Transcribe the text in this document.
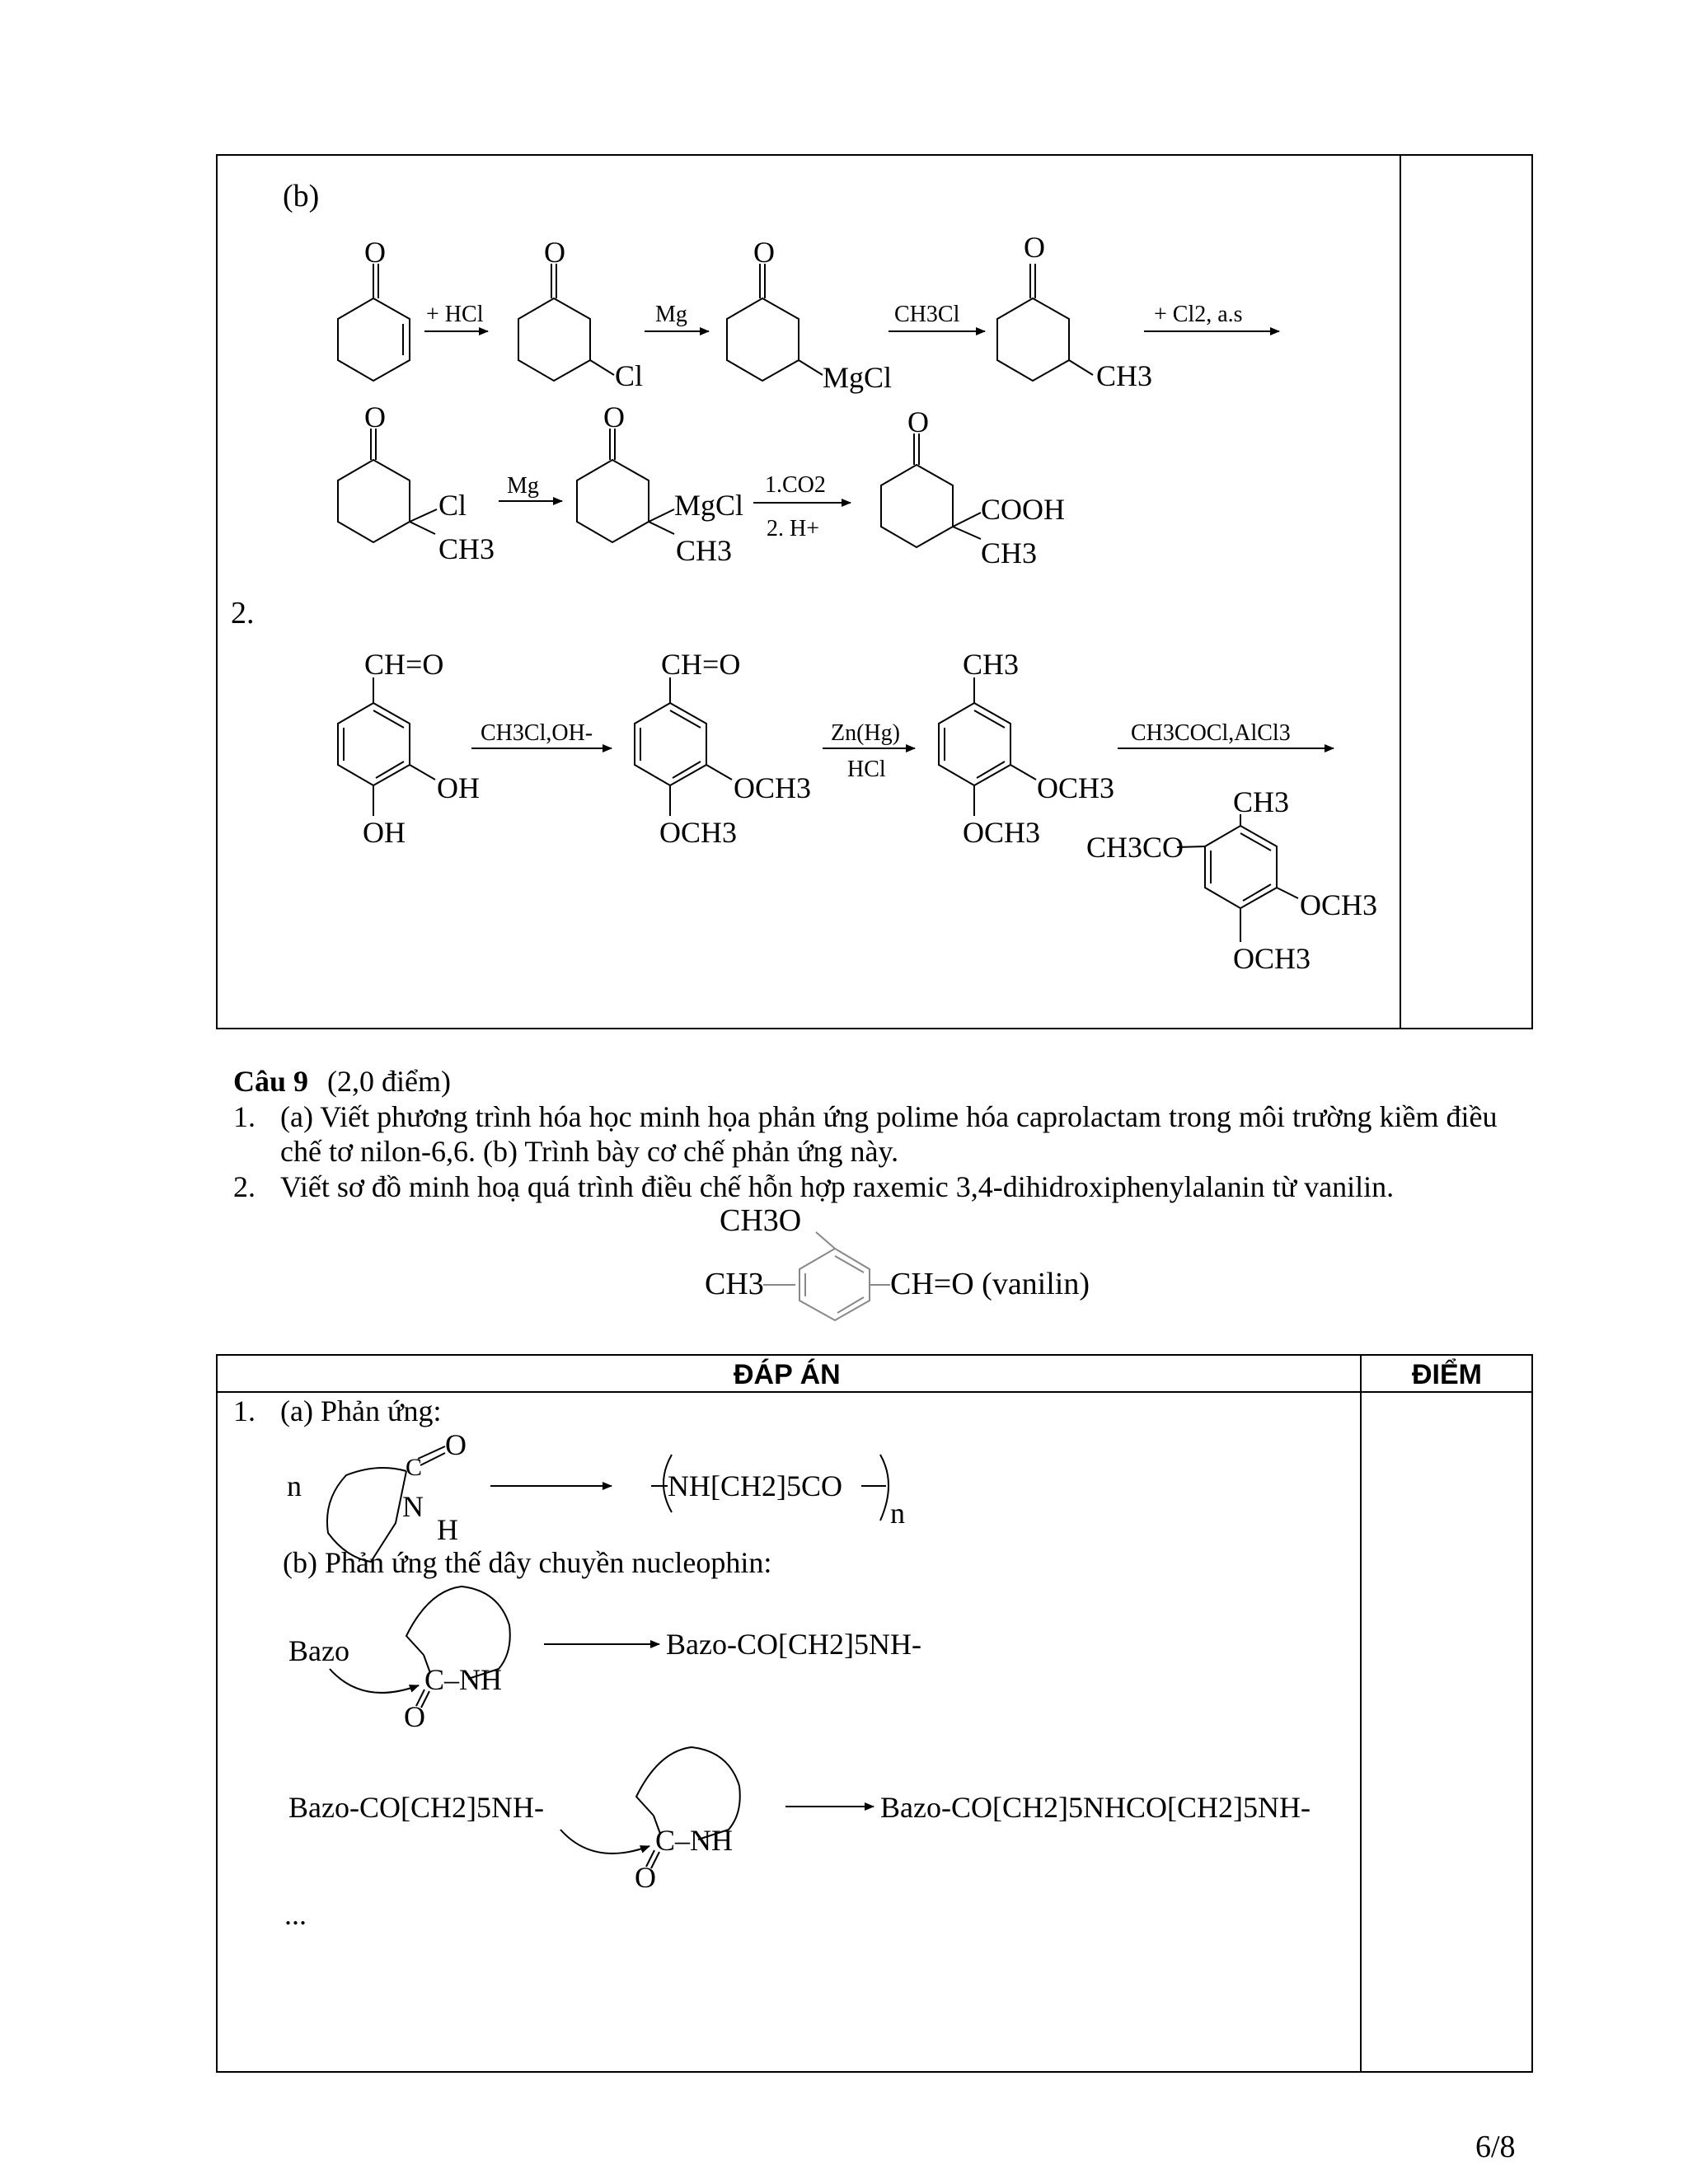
(b)
2.
O
+ HCl
O
Cl
Mg
O
MgCl
CH3Cl
O
CH3
+ Cl2, a.s
O
Cl
CH3
Mg
O
MgCl
CH3
1.CO2
2. H+
O
COOH
CH3
CH=O
OH
OH
CH3Cl,OH-
CH=O
OCH3
OCH3
Zn(Hg)
HCl
CH3
OCH3
OCH3
CH3COCl,AlCl3
CH3
CH3CO
OCH3
OCH3
CH3O
CH3	CH=O (vanilin)
n
O
C
N
H
NH[CH2]5CO
n
Bazo
C–NH
O
Bazo-CO[CH2]5NH-
Bazo-CO[CH2]5NH-
C–NH
O
Bazo-CO[CH2]5NHCO[CH2]5NH-
...
Câu 9 (2,0 điểm)
1. (a) Viết phương trình hóa học minh họa phản ứng polime hóa caprolactam trong môi trường kiềm điều
chế tơ nilon-6,6. (b) Trình bày cơ chế phản ứng này.
2. Viết sơ đồ minh hoạ quá trình điều chế hỗn hợp raxemic 3,4-dihidroxiphenylalanin từ vanilin.
ĐÁP ÁN	ĐIỂM
1. (a) Phản ứng:
(b) Phản ứng thế dây chuyền nucleophin:
6/8
